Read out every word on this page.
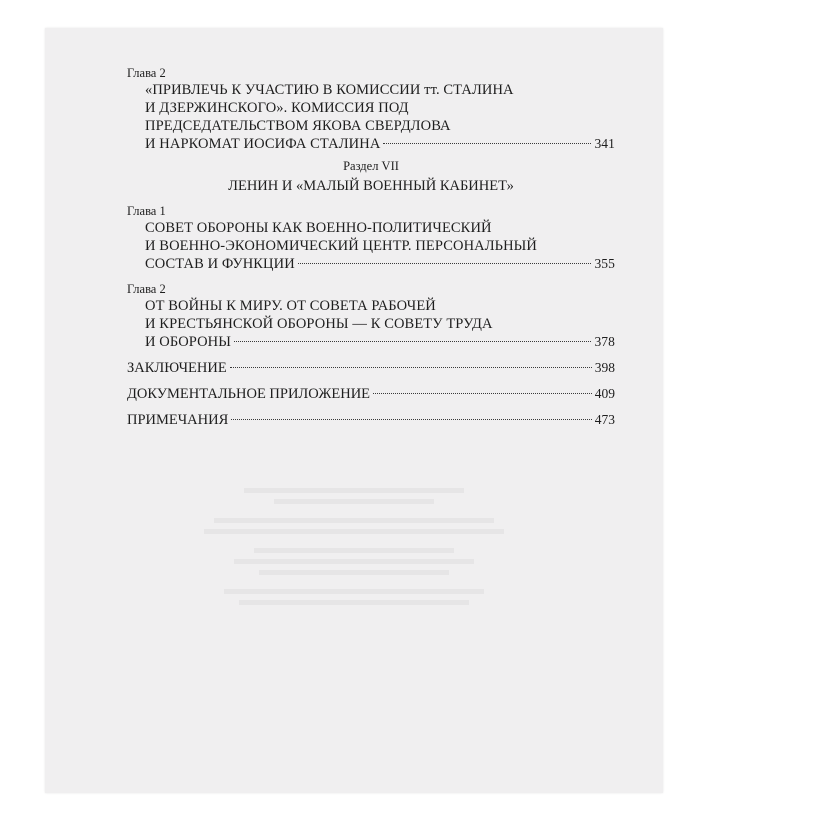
Глава 2

«ПРИВЛЕЧЬ К УЧАСТИЮ В КОМИССИИ тт. СТАЛИНА
И ДЗЕРЖИНСКОГО». КОМИССИЯ ПОД
ПРЕДСЕДАТЕЛЬСТВОМ ЯКОВА СВЕРДЛОВА
И НАРКОМАТ ИОСИФА СТАЛИНА	341
Раздел VII
ЛЕНИН И «МАЛЫЙ ВОЕННЫЙ КАБИНЕТ»

Глава 1

СОВЕТ ОБОРОНЫ КАК ВОЕННО-ПОЛИТИЧЕСКИЙ
И ВОЕННО-ЭКОНОМИЧЕСКИЙ ЦЕНТР. ПЕРСОНАЛЬНЫЙ
СОСТАВ И ФУНКЦИИ	355

Глава 2

ОТ ВОЙНЫ К МИРУ. ОТ СОВЕТА РАБОЧЕЙ
И КРЕСТЬЯНСКОЙ ОБОРОНЫ — К СОВЕТУ ТРУДА
И ОБОРОНЫ	378
ЗАКЛЮЧЕНИЕ	398
ДОКУМЕНТАЛЬНОЕ ПРИЛОЖЕНИЕ	409
ПРИМЕЧАНИЯ	473
